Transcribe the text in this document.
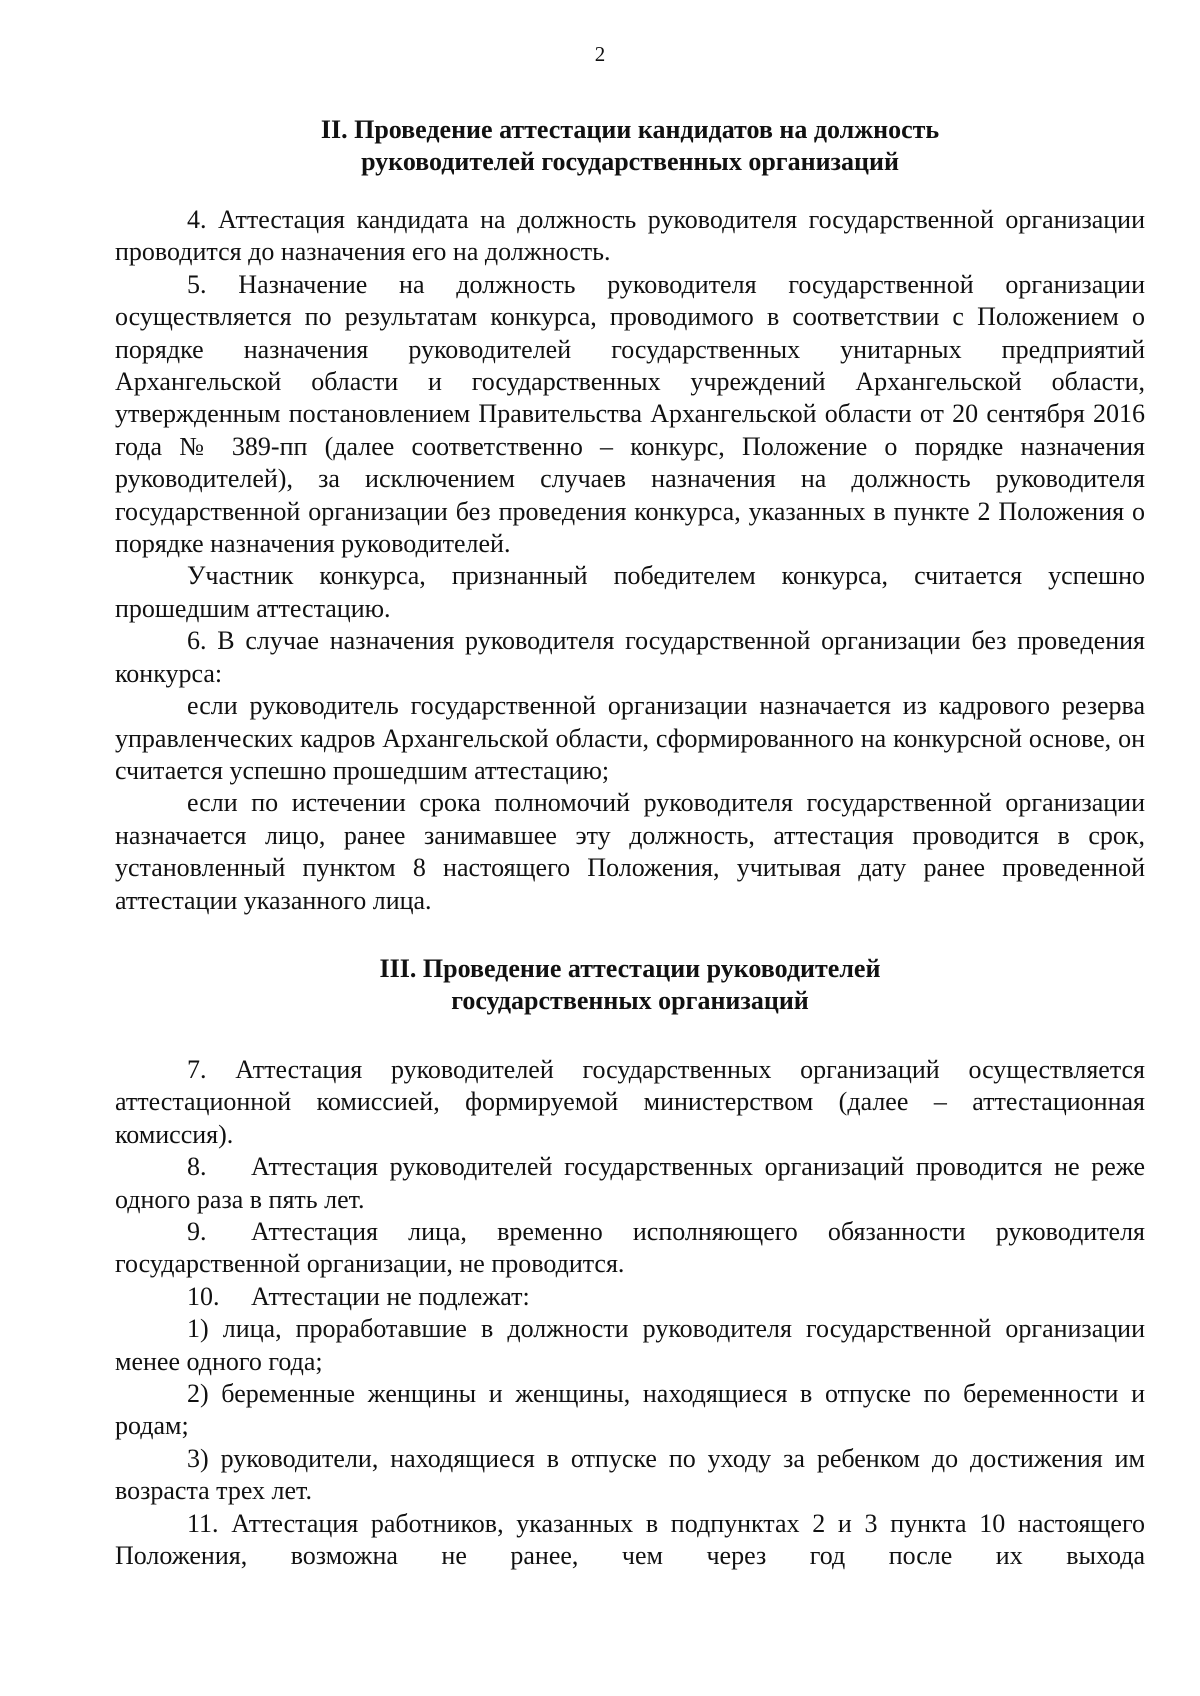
2
II. Проведение аттестации кандидатов на должность
руководителей государственных организаций

4. Аттестация кандидата на должность руководителя государственной организации проводится до назначения его на должность.

5. Назначение на должность руководителя государственной организации осуществляется по результатам конкурса, проводимого в соответствии с Положением о порядке назначения руководителей государственных унитарных предприятий Архангельской области и государственных учреждений Архангельской области, утвержденным постановлением Правительства Архангельской области от 20 сентября 2016 года № 389-пп (далее соответственно – конкурс, Положение о порядке назначения руководителей), за исключением случаев назначения на должность руководителя государственной организации без проведения конкурса, указанных в пункте 2 Положения о порядке назначения руководителей.

Участник конкурса, признанный победителем конкурса, считается успешно прошедшим аттестацию.

6. В случае назначения руководителя государственной организации без проведения конкурса:

если руководитель государственной организации назначается из кадрового резерва управленческих кадров Архангельской области, сформированного на конкурсной основе, он считается успешно прошедшим аттестацию;

если по истечении срока полномочий руководителя государственной организации назначается лицо, ранее занимавшее эту должность, аттестация проводится в срок, установленный пунктом 8 настоящего Положения, учитывая дату ранее проведенной аттестации указанного лица.

III. Проведение аттестации руководителей
государственных организаций

7. Аттестация руководителей государственных организаций осуществляется аттестационной комиссией, формируемой министерством (далее – аттестационная комиссия).

8. Аттестация руководителей государственных организаций проводится не реже одного раза в пять лет.

9. Аттестация лица, временно исполняющего обязанности руководителя государственной организации, не проводится.

10. Аттестации не подлежат:

1) лица, проработавшие в должности руководителя государственной организации менее одного года;

2) беременные женщины и женщины, находящиеся в отпуске по беременности и родам;

3) руководители, находящиеся в отпуске по уходу за ребенком до достижения им возраста трех лет.

11. Аттестация работников, указанных в подпунктах 2 и 3 пункта 10 настоящего Положения, возможна не ранее, чем через год после их выхода
